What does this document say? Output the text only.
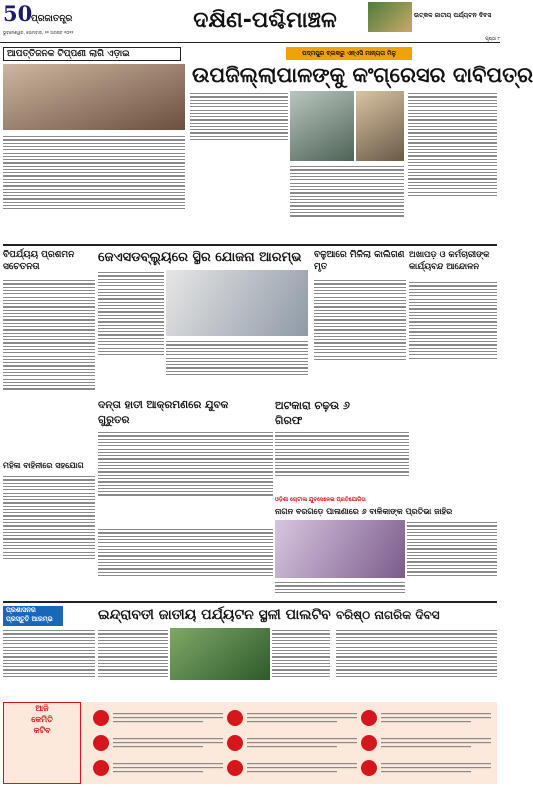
50
ପ୍ରଜାତନ୍ତ୍ର
ଭୁବନେଶ୍ୱର, ସୋମବାର, ୨୨ ଅଗଷ୍ଟ ୨୦୨୨	ଦକ୍ଷିଣ-ପଶ୍ଚିମାଞ୍ଚଳ	ଉତ୍କଳ ଜାତୀୟ ପର୍ଯ୍ୟଟନ ଦିବସ
ପୃଷ୍ଠା ୮
ଆପତ୍ତିଜନକ ଟିପ୍ପଣୀ ଲାଗି ଏଡ଼ାଇ	ପଦ୍ମପୁର ବ୍ଲକରୁ ଏନ୍ଏସି ମାନ୍ୟତା ମିଳୁ
ଉପଜିଲ୍ଲାପାଳଙ୍କୁ କଂଗ୍ରେସର ଦାବିପତ୍ର
ବିପର୍ଯ୍ୟୟ ପ୍ରଶମନ ସଚେତନତା
ଜେଏସଡବ୍ଲ୍ୟୁରେ ସ୍ଥିର ଯୋଜନା ଆରମ୍ଭ	ବଳୁଆରେ ମିଳିଲା କାଲିଗଣ ମୃତ
ଅଖାପଡ଼ ଓ କର୍ମଚାରୀଙ୍କ କାର୍ଯ୍ୟବନ୍ଦ ଆନ୍ଦୋଳନ
ଦନ୍ତା ହାତୀ ଆକ୍ରମଣରେ ଯୁବକ ଗୁରୁତର
ଅଟକାରା ଚଢ଼ଉ ୬ ଗିରଫ
ଓଡ଼ିଶା ଚୋଟାଳା ଯୁବସେନେଇ ପ୍ରତିଯୋଗିତା
ନାଗନ ବରଗଡ଼େ ପାଳାଣାରେ ୬ ବାଳିକାଙ୍କ ପ୍ରତିଭା ଜାହିର
ମହିଳା ବାହିନୀରେ ସହଯୋଗ
ପ୍ରଶାସନର
ପ୍ରସ୍ତୁତି ଆରମ୍ଭ	ଇନ୍ଦ୍ରାବତୀ ଜାତୀୟ ପର୍ଯ୍ୟଟନ ସ୍ଥଳୀ ପାଲଟିବ ବରିଷ୍ଠ ନାଗରିକ ଦିବସ
ଆଜି
କେମିତି
କଟିବ
